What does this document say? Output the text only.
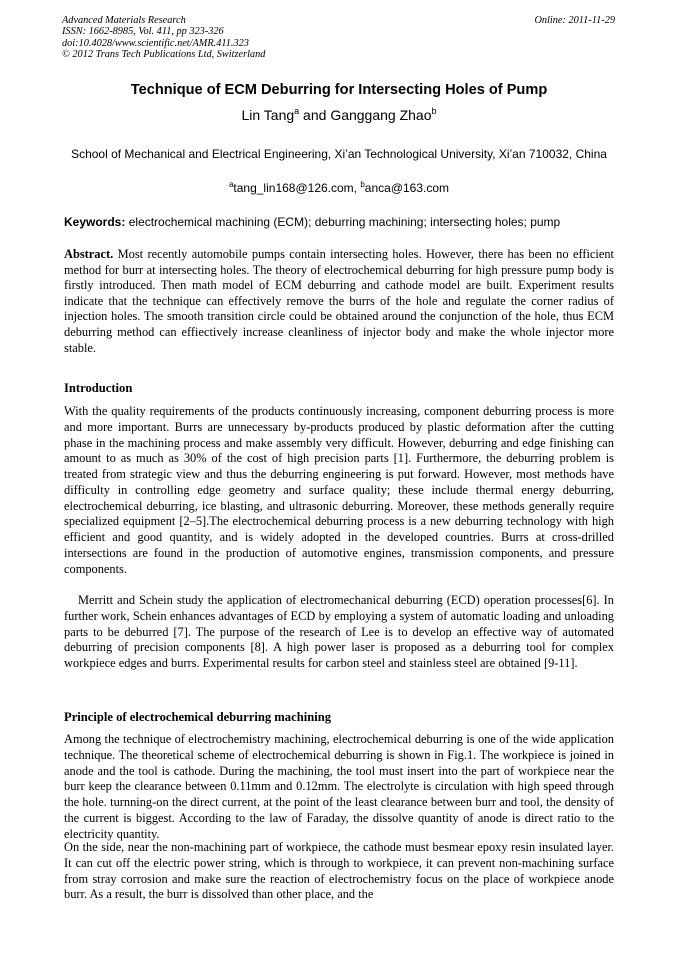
Advanced Materials Research
ISSN: 1662-8985, Vol. 411, pp 323-326
doi:10.4028/www.scientific.net/AMR.411.323
© 2012 Trans Tech Publications Ltd, Switzerland
Online: 2011-11-29
Technique of ECM Deburring for Intersecting Holes of Pump
Lin Tang$^a$ and Ganggang Zhao$^b$
School of Mechanical and Electrical Engineering, Xi’an Technological University, Xi’an 710032, China
$^a$tang_lin168@126.com, $^b$anca@163.com
Keywords: electrochemical machining (ECM); deburring machining; intersecting holes; pump
Abstract. Most recently automobile pumps contain intersecting holes. However, there has been no efficient method for burr at intersecting holes. The theory of electrochemical deburring for high pressure pump body is firstly introduced. Then math model of ECM deburring and cathode model are built. Experiment results indicate that the technique can effectively remove the burrs of the hole and regulate the corner radius of injection holes. The smooth transition circle could be obtained around the conjunction of the hole, thus ECM deburring method can effiectively increase cleanliness of injector body and make the whole injector more stable.
Introduction

With the quality requirements of the products continuously increasing, component deburring process is more and more important. Burrs are unnecessary by-products produced by plastic deformation after the cutting phase in the machining process and make assembly very difficult. However, deburring and edge finishing can amount to as much as 30% of the cost of high precision parts [1]. Furthermore, the deburring problem is treated from strategic view and thus the deburring engineering is put forward. However, most methods have difficulty in controlling edge geometry and surface quality; these include thermal energy deburring, electrochemical deburring, ice blasting, and ultrasonic deburring. Moreover, these methods generally require specialized equipment [2–5].The electrochemical deburring process is a new deburring technology with high efficient and good quantity, and is widely adopted in the developed countries. Burrs at cross-drilled intersections are found in the production of automotive engines, transmission components, and pressure components.

Merritt and Schein study the application of electromechanical deburring (ECD) operation processes[6]. In further work, Schein enhances advantages of ECD by employing a system of automatic loading and unloading parts to be deburred [7]. The purpose of the research of Lee is to develop an effective way of automated deburring of precision components [8]. A high power laser is proposed as a deburring tool for complex workpiece edges and burrs. Experimental results for carbon steel and stainless steel are obtained [9-11].

Principle of electrochemical deburring machining

Among the technique of electrochemistry machining, electrochemical deburring is one of the wide application technique. The theoretical scheme of electrochemical deburring is shown in Fig.1. The workpiece is joined in anode and the tool is cathode. During the machining, the tool must insert into the part of workpiece near the burr keep the clearance between 0.11mm and 0.12mm. The electrolyte is circulation with high speed through the hole. turnning-on the direct current, at the point of the least clearance between burr and tool, the density of the current is biggest. According to the law of Faraday, the dissolve quantity of anode is direct ratio to the electricity quantity.

On the side, near the non-machining part of workpiece, the cathode must besmear epoxy resin insulated layer. It can cut off the electric power string, which is through to workpiece, it can prevent non-machining surface from stray corrosion and make sure the reaction of electrochemistry focus on the place of workpiece anode burr. As a result, the burr is dissolved than other place, and the
